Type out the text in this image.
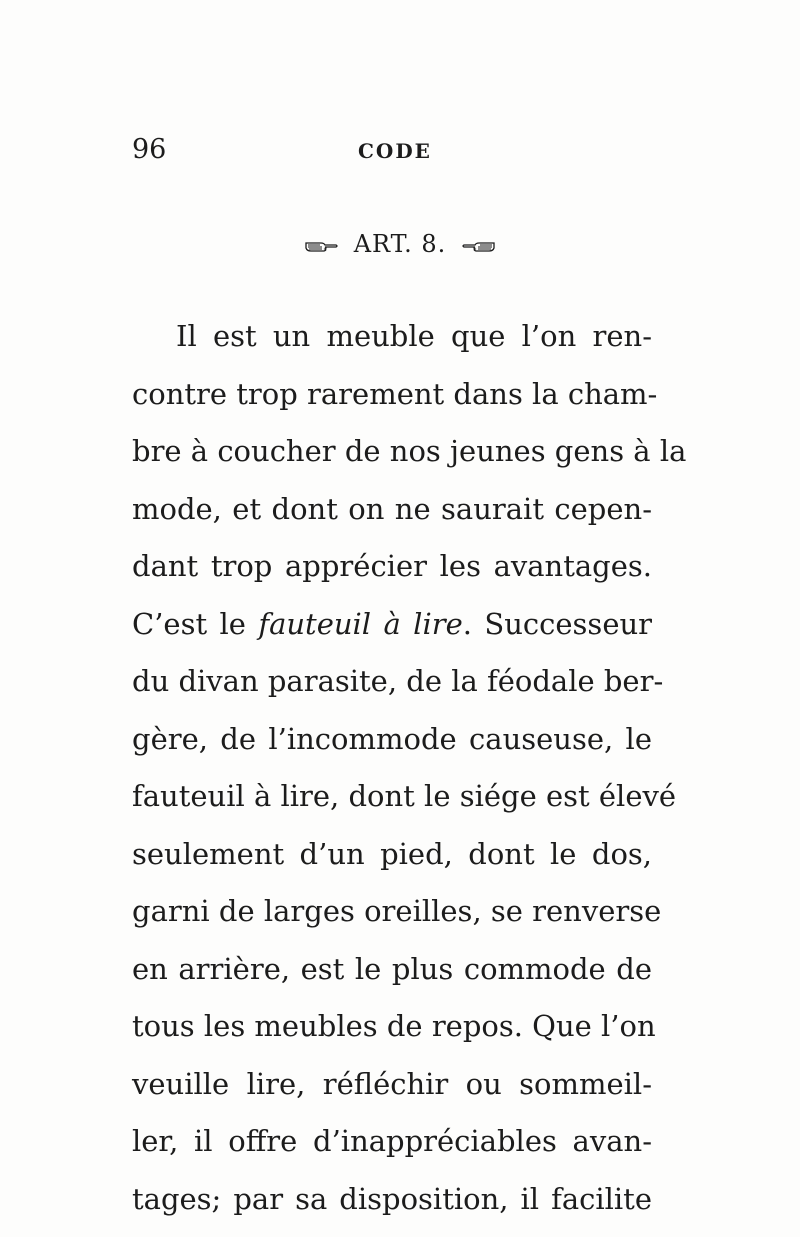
96	CODE
ART. 8.
Il est un meuble que l’on ren-
contre trop rarement dans la cham-
bre à coucher de nos jeunes gens à la
mode, et dont on ne saurait cepen-
dant trop apprécier les avantages.
C’est le fauteuil à lire. Successeur
du divan parasite, de la féodale ber-
gère, de l’incommode causeuse, le
fauteuil à lire, dont le siége est élevé
seulement d’un pied, dont le dos,
garni de larges oreilles, se renverse
en arrière, est le plus commode de
tous les meubles de repos. Que l’on
veuille lire, réfléchir ou sommeil-
ler, il offre d’inappréciables avan-
tages; par sa disposition, il facilite
